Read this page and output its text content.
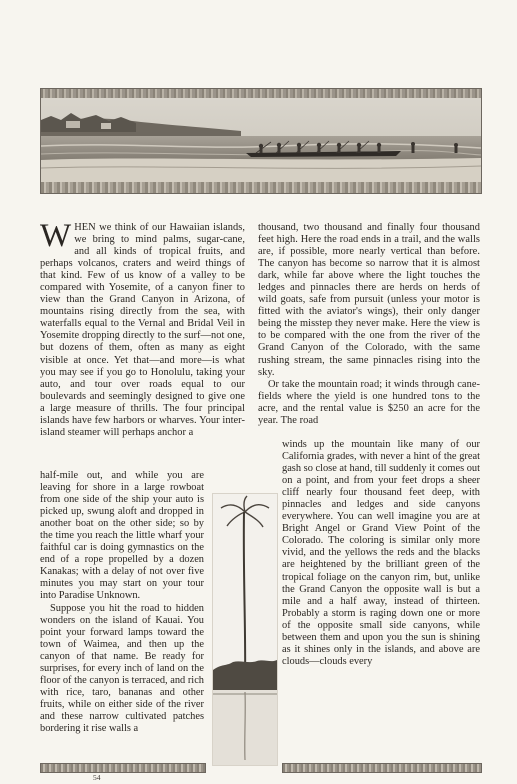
WHEN we think of our Hawaiian islands, we bring to mind palms, sugar-cane, and all kinds of tropical fruits, and perhaps volcanos, craters and weird things of that kind. Few of us know of a valley to be compared with Yosemite, of a canyon finer to view than the Grand Canyon in Arizona, of mountains rising directly from the sea, with waterfalls equal to the Vernal and Bridal Veil in Yosemite dropping directly to the surf—not one, but dozens of them, often as many as eight visible at once. Yet that—and more—is what you may see if you go to Honolulu, taking your auto, and tour over roads equal to our boulevards and seemingly designed to give one a large measure of thrills. The four principal islands have few harbors or wharves. Your inter-island steamer will perhaps anchor a

half-mile out, and while you are leaving for shore in a large rowboat from one side of the ship your auto is picked up, swung aloft and dropped in another boat on the other side; so by the time you reach the little wharf your faithful car is doing gymnastics on the end of a rope propelled by a dozen Kanakas; with a delay of not over five minutes you may start on your tour into Paradise Unknown.

Suppose you hit the road to hidden wonders on the island of Kauai. You point your forward lamps toward the town of Waimea, and then up the canyon of that name. Be ready for surprises, for every inch of land on the floor of the canyon is terraced, and rich with rice, taro, bananas and other fruits, while on either side of the river and these narrow cultivated patches bordering it rise walls a

thousand, two thousand and finally four thousand feet high. Here the road ends in a trail, and the walls are, if possible, more nearly vertical than before. The canyon has become so narrow that it is almost dark, while far above where the light touches the ledges and pinnacles there are herds on herds of wild goats, safe from pursuit (unless your motor is fitted with the aviator's wings), their only danger being the misstep they never make. Here the view is to be compared with the one from the river of the Grand Canyon of the Colorado, with the same rushing stream, the same pinnacles rising into the sky.

Or take the mountain road; it winds through cane-fields where the yield is one hundred tons to the acre, and the rental value is $250 an acre for the year. The road

winds up the mountain like many of our California grades, with never a hint of the great gash so close at hand, till suddenly it comes out on a point, and from your feet drops a sheer cliff nearly four thousand feet deep, with pinnacles and ledges and side canyons everywhere. You can well imagine you are at Bright Angel or Grand View Point of the Colorado. The coloring is similar only more vivid, and the yellows the reds and the blacks are heightened by the brilliant green of the tropical foliage on the canyon rim, but, unlike the Grand Canyon the opposite wall is but a mile and a half away, instead of thirteen. Probably a storm is raging down one or more of the opposite small side canyons, while between them and upon you the sun is shining as it shines only in the islands, and above are clouds—clouds every

54
